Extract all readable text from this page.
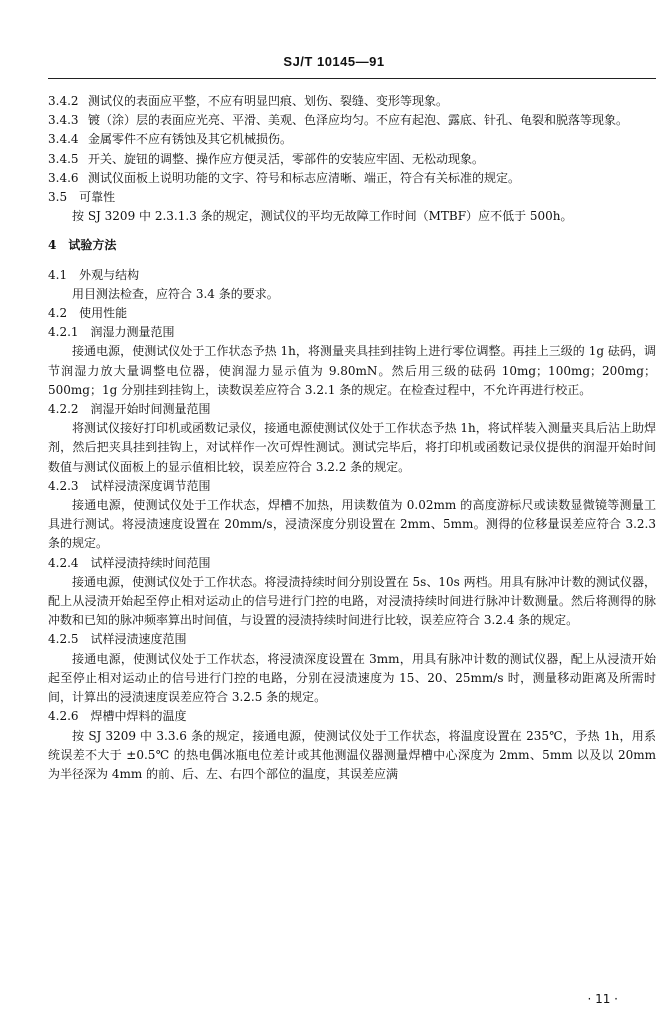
SJ/T 10145—91

3.4.2 测试仪的表面应平整，不应有明显凹痕、划伤、裂缝、变形等现象。

3.4.3 镀（涂）层的表面应光亮、平滑、美观、色泽应均匀。不应有起泡、露底、针孔、龟裂和脱落等现象。

3.4.4 金属零件不应有锈蚀及其它机械损伤。

3.4.5 开关、旋钮的调整、操作应方便灵活，零部件的安装应牢固、无松动现象。

3.4.6 测试仪面板上说明功能的文字、符号和标志应清晰、端正，符合有关标准的规定。

3.5　可靠性

按 SJ 3209 中 2.3.1.3 条的规定，测试仪的平均无故障工作时间（MTBF）应不低于 500h。

4　试验方法

4.1　外观与结构

用目测法检查，应符合 3.4 条的要求。

4.2　使用性能

4.2.1　润湿力测量范围

接通电源，使测试仪处于工作状态予热 1h，将测量夹具挂到挂钩上进行零位调整。再挂上三级的 1g 砝码，调节润湿力放大量调整电位器，使润湿力显示值为 9.80mN。然后用三级的砝码 10mg；100mg；200mg；500mg；1g 分别挂到挂钩上，读数误差应符合 3.2.1 条的规定。在检查过程中，不允许再进行校正。

4.2.2　润湿开始时间测量范围

将测试仪接好打印机或函数记录仪，接通电源使测试仪处于工作状态予热 1h，将试样装入测量夹具后沾上助焊剂，然后把夹具挂到挂钩上，对试样作一次可焊性测试。测试完毕后，将打印机或函数记录仪提供的润湿开始时间数值与测试仪面板上的显示值相比较，误差应符合 3.2.2 条的规定。

4.2.3　试样浸渍深度调节范围

接通电源，使测试仪处于工作状态，焊槽不加热，用读数值为 0.02mm 的高度游标尺或读数显微镜等测量工具进行测试。将浸渍速度设置在 20mm/s，浸渍深度分别设置在 2mm、5mm。测得的位移量误差应符合 3.2.3 条的规定。

4.2.4　试样浸渍持续时间范围

接通电源，使测试仪处于工作状态。将浸渍持续时间分别设置在 5s、10s 两档。用具有脉冲计数的测试仪器，配上从浸渍开始起至停止相对运动止的信号进行门控的电路，对浸渍持续时间进行脉冲计数测量。然后将测得的脉冲数和已知的脉冲频率算出时间值，与设置的浸渍持续时间进行比较，误差应符合 3.2.4 条的规定。

4.2.5　试样浸渍速度范围

接通电源，使测试仪处于工作状态，将浸渍深度设置在 3mm，用具有脉冲计数的测试仪器，配上从浸渍开始起至停止相对运动止的信号进行门控的电路，分别在浸渍速度为 15、20、25mm/s 时，测量移动距离及所需时间，计算出的浸渍速度误差应符合 3.2.5 条的规定。

4.2.6　焊槽中焊料的温度

按 SJ 3209 中 3.3.6 条的规定，接通电源，使测试仪处于工作状态，将温度设置在 235℃，予热 1h，用系统误差不大于 ±0.5℃ 的热电偶冰瓶电位差计或其他测温仪器测量焊槽中心深度为 2mm、5mm 以及以 20mm 为半径深为 4mm 的前、后、左、右四个部位的温度，其误差应满

· 11 ·
